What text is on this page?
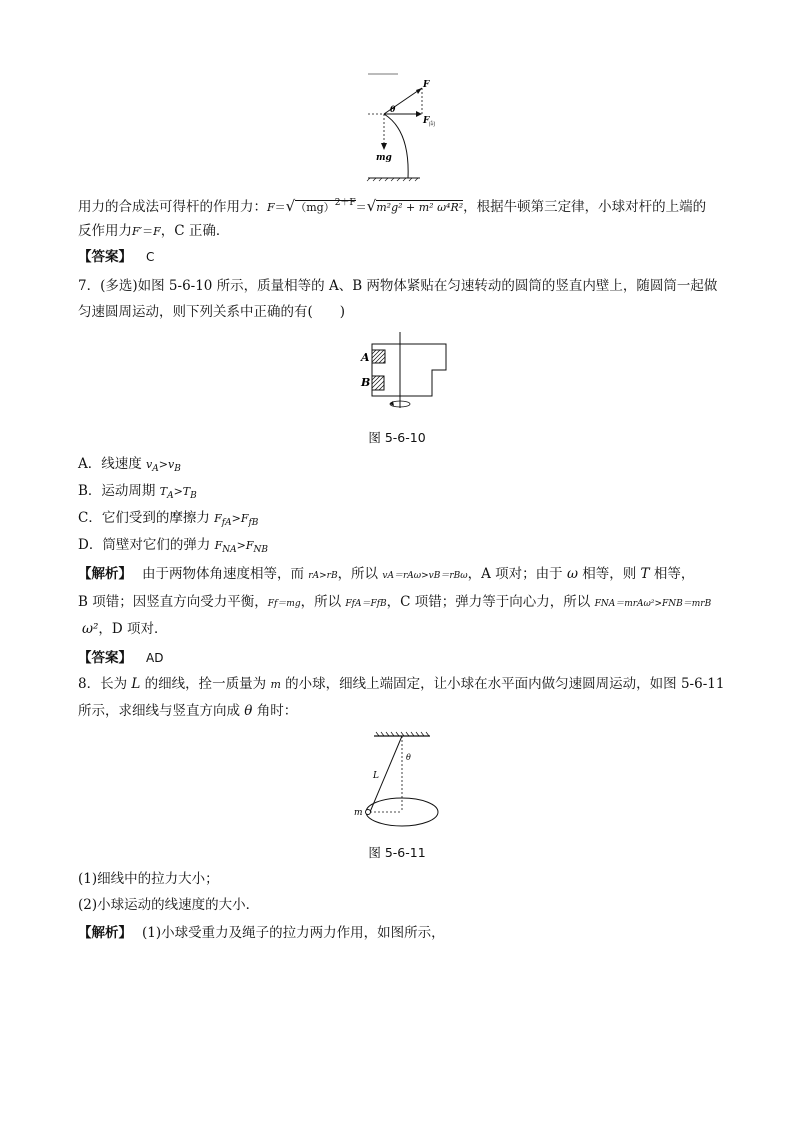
F
θ
F 向
mg
用力的合成法可得杆的作用力：F＝√（mg）$^{2+F}$＝√m²g² + m² ω⁴R²，根据牛顿第三定律，小球对杆的上端的
反作用力F′＝F，C 正确．
【答案】 C
7．(多选)如图 5-6-10 所示，质量相等的 A、B 两物体紧贴在匀速转动的圆筒的竖直内壁上，随圆筒一起做
匀速圆周运动，则下列关系中正确的有(　　)
A
B
图 5-6-10
A．线速度 $v_A>v_B$
B．运动周期 $T_A>T_B$
C．它们受到的摩擦力 $F_{fA}>F_{fB}$
D．筒壁对它们的弹力 $F_{NA}>F_{NB}$
【解析】 由于两物体角速度相等，而 rA>rB，所以 vA＝rAω>vB＝rBω，A 项对；由于 ω 相等，则 T 相等，
B 项错；因竖直方向受力平衡，Ff＝mg，所以 FfA＝FfB，C 项错；弹力等于向心力，所以 FNA＝mrAω²>FNB＝mrB
ω²，D 项对．
【答案】 AD
8．长为 L 的细线，拴一质量为 m 的小球，细线上端固定，让小球在水平面内做匀速圆周运动，如图 5-6-11
所示，求细线与竖直方向成 θ 角时：
θ
L
m
图 5-6-11
(1)细线中的拉力大小；
(2)小球运动的线速度的大小．
【解析】 (1)小球受重力及绳子的拉力两力作用，如图所示，
